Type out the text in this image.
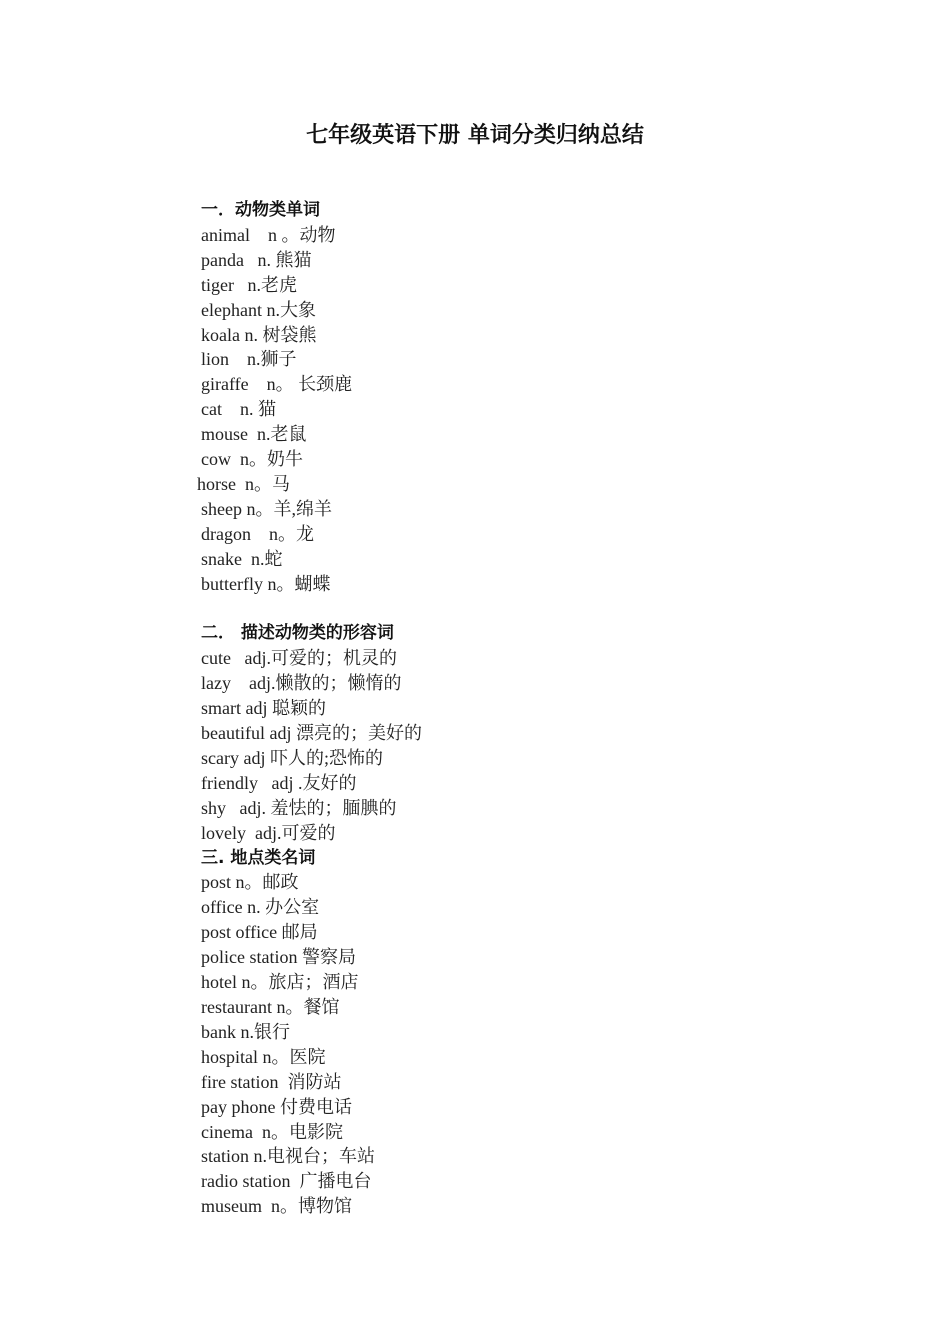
七年级英语下册 单词分类归纳总结
一．动物类单词
animal    n 。动物
panda   n. 熊猫
tiger   n.老虎
elephant n.大象
koala n. 树袋熊
lion    n.狮子
giraffe    n。 长颈鹿
cat    n. 猫
mouse  n.老鼠
cow  n。奶牛
horse  n。马
sheep n。羊,绵羊
dragon    n。龙
snake  n.蛇
butterfly n。蝴蝶
二． 描述动物类的形容词
cute   adj.可爱的；机灵的
lazy    adj.懒散的；懒惰的
smart adj 聪颖的
beautiful adj 漂亮的；美好的
scary adj 吓人的;恐怖的
friendly   adj .友好的
shy   adj. 羞怯的；腼腆的
lovely  adj.可爱的
三. 地点类名词
post n。邮政
office n. 办公室
post office 邮局
police station 警察局
hotel n。旅店；酒店
restaurant n。餐馆
bank n.银行
hospital n。医院
fire station  消防站
pay phone 付费电话
cinema  n。电影院
station n.电视台；车站
radio station  广播电台
museum  n。博物馆
